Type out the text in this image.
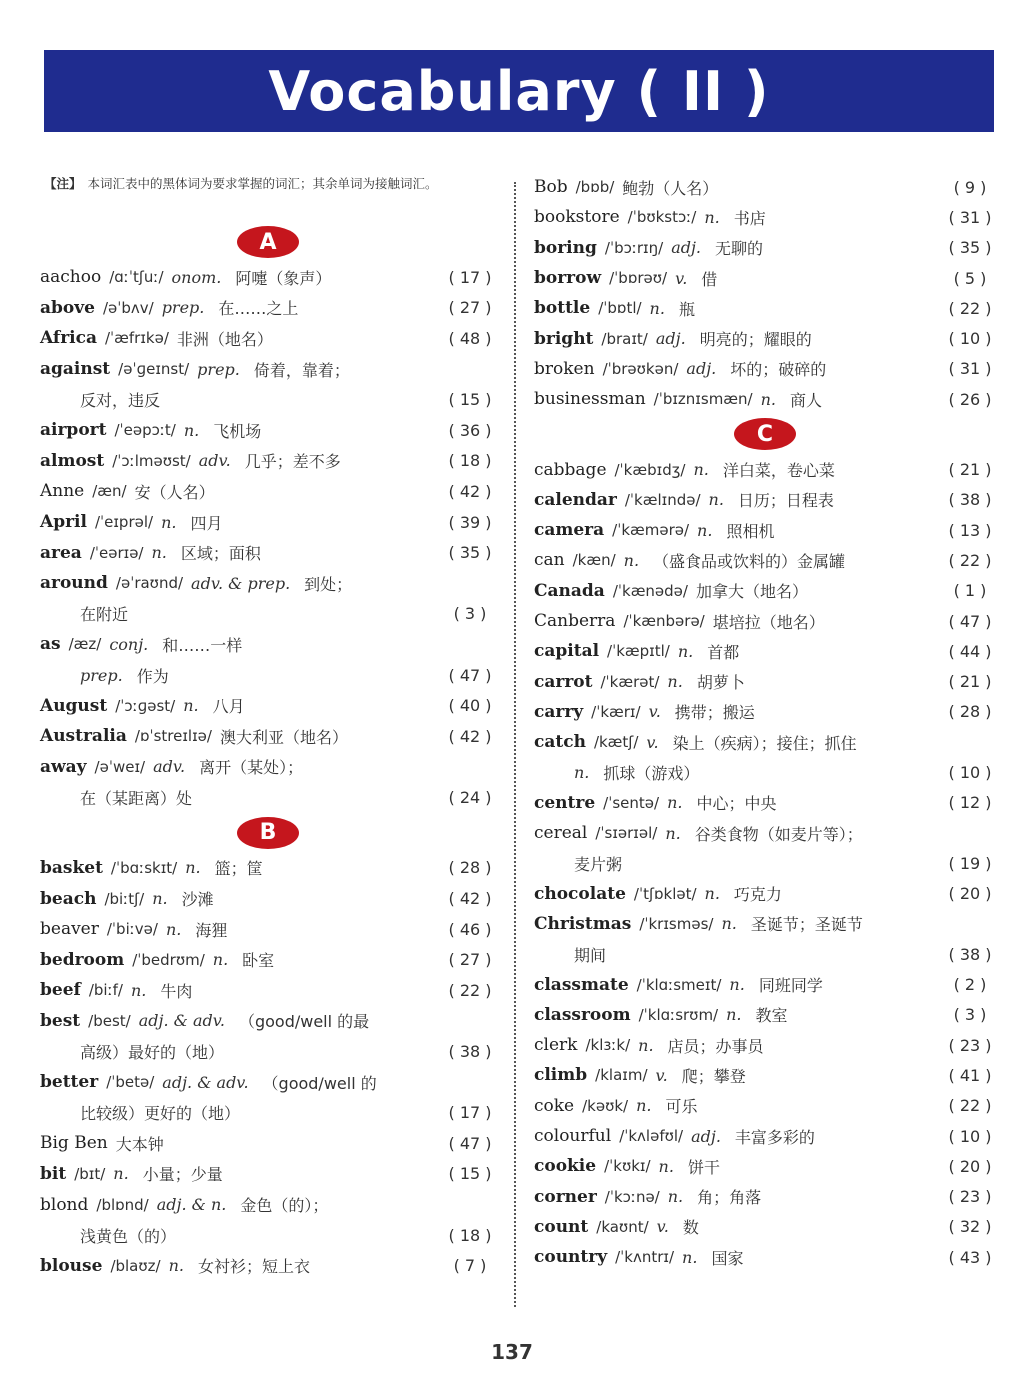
Vocabulary ( II )
【注】 本词汇表中的黑体词为要求掌握的词汇；其余单词为接触词汇。
A
aachoo /ɑːˈtʃuː/ onom. 阿嚏（象声）	( 17 )
above /əˈbʌv/ prep. 在……之上	( 27 )
Africa /ˈæfrɪkə/ 非洲（地名）	( 48 )
against /əˈɡeɪnst/ prep. 倚着，靠着；
反对，违反	( 15 )
airport /ˈeəpɔːt/ n. 飞机场	( 36 )
almost /ˈɔːlməʊst/ adv. 几乎；差不多	( 18 )
Anne /æn/ 安（人名）	( 42 )
April /ˈeɪprəl/ n. 四月	( 39 )
area /ˈeərɪə/ n. 区域；面积	( 35 )
around /əˈraʊnd/ adv. & prep. 到处；
在附近	( 3 )
as /æz/ conj. 和……一样
prep. 作为	( 47 )
August /ˈɔːɡəst/ n. 八月	( 40 )
Australia /ɒˈstreɪlɪə/ 澳大利亚（地名）	( 42 )
away /əˈweɪ/ adv. 离开（某处）；
在（某距离）处	( 24 )
B
basket /ˈbɑːskɪt/ n. 篮；筐	( 28 )
beach /biːtʃ/ n. 沙滩	( 42 )
beaver /ˈbiːvə/ n. 海狸	( 46 )
bedroom /ˈbedrʊm/ n. 卧室	( 27 )
beef /biːf/ n. 牛肉	( 22 )
best /best/ adj. & adv. （good/well 的最
高级）最好的（地）	( 38 )
better /ˈbetə/ adj. & adv. （good/well 的
比较级）更好的（地）	( 17 )
Big Ben 大本钟	( 47 )
bit /bɪt/ n. 小量；少量	( 15 )
blond /blɒnd/ adj. & n. 金色（的）；
浅黄色（的）	( 18 )
blouse /blaʊz/ n. 女衬衫；短上衣	( 7 )
Bob /bɒb/ 鲍勃（人名）	( 9 )
bookstore /ˈbʊkstɔː/ n. 书店	( 31 )
boring /ˈbɔːrɪŋ/ adj. 无聊的	( 35 )
borrow /ˈbɒrəʊ/ v. 借	( 5 )
bottle /ˈbɒtl/ n. 瓶	( 22 )
bright /braɪt/ adj. 明亮的；耀眼的	( 10 )
broken /ˈbrəʊkən/ adj. 坏的；破碎的	( 31 )
businessman /ˈbɪznɪsmæn/ n. 商人	( 26 )
C
cabbage /ˈkæbɪdʒ/ n. 洋白菜，卷心菜	( 21 )
calendar /ˈkælɪndə/ n. 日历；日程表	( 38 )
camera /ˈkæmərə/ n. 照相机	( 13 )
can /kæn/ n. （盛食品或饮料的）金属罐	( 22 )
Canada /ˈkænədə/ 加拿大（地名）	( 1 )
Canberra /ˈkænbərə/ 堪培拉（地名）	( 47 )
capital /ˈkæpɪtl/ n. 首都	( 44 )
carrot /ˈkærət/ n. 胡萝卜	( 21 )
carry /ˈkærɪ/ v. 携带；搬运	( 28 )
catch /kætʃ/ v. 染上（疾病）；接住；抓住
n. 抓球（游戏）	( 10 )
centre /ˈsentə/ n. 中心；中央	( 12 )
cereal /ˈsɪərɪəl/ n. 谷类食物（如麦片等）；
麦片粥	( 19 )
chocolate /ˈtʃɒklət/ n. 巧克力	( 20 )
Christmas /ˈkrɪsməs/ n. 圣诞节；圣诞节
期间	( 38 )
classmate /ˈklɑːsmeɪt/ n. 同班同学	( 2 )
classroom /ˈklɑːsrʊm/ n. 教室	( 3 )
clerk /klɜːk/ n. 店员；办事员	( 23 )
climb /klaɪm/ v. 爬；攀登	( 41 )
coke /kəʊk/ n. 可乐	( 22 )
colourful /ˈkʌləfʊl/ adj. 丰富多彩的	( 10 )
cookie /ˈkʊkɪ/ n. 饼干	( 20 )
corner /ˈkɔːnə/ n. 角；角落	( 23 )
count /kaʊnt/ v. 数	( 32 )
country /ˈkʌntrɪ/ n. 国家	( 43 )
137
